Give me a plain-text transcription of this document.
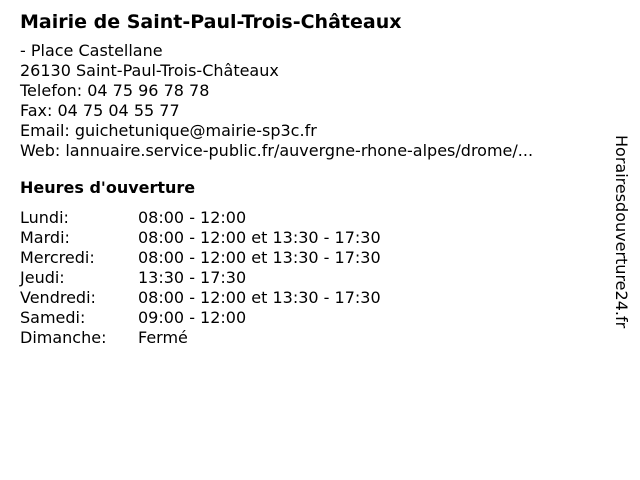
Mairie de Saint-Paul-Trois-Châteaux
- Place Castellane
26130 Saint-Paul-Trois-Châteaux
Telefon: 04 75 96 78 78
Fax: 04 75 04 55 77
Email: guichetunique@mairie-sp3c.fr
Web: lannuaire.service-public.fr/auvergne-rhone-alpes/drome/...
Heures d'ouverture
Lundi:	08:00 - 12:00
Mardi:	08:00 - 12:00 et 13:30 - 17:30
Mercredi:	08:00 - 12:00 et 13:30 - 17:30
Jeudi:	13:30 - 17:30
Vendredi:	08:00 - 12:00 et 13:30 - 17:30
Samedi:	09:00 - 12:00
Dimanche:	Fermé
Horairesdouverture24.fr
